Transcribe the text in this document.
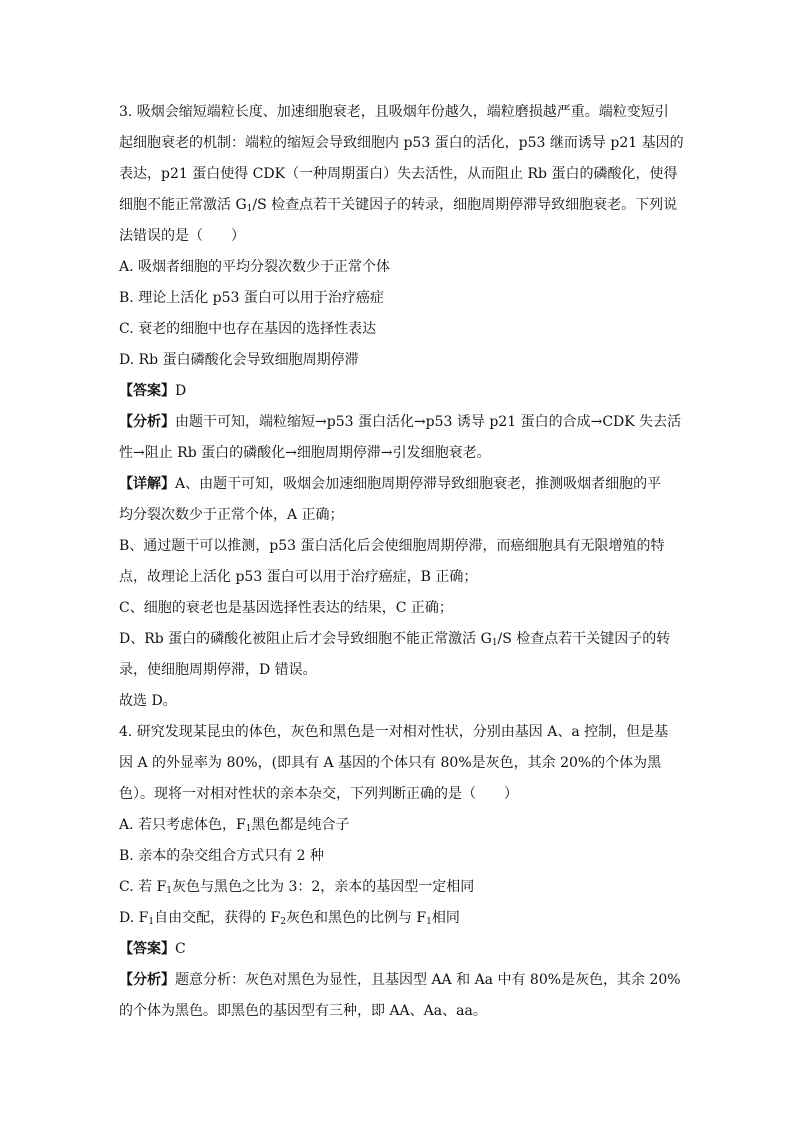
3. 吸烟会缩短端粒长度、加速细胞衰老，且吸烟年份越久，端粒磨损越严重。端粒变短引
起细胞衰老的机制：端粒的缩短会导致细胞内 p53 蛋白的活化，p53 继而诱导 p21 基因的
表达，p21 蛋白使得 CDK（一种周期蛋白）失去活性，从而阻止 Rb 蛋白的磷酸化，使得
细胞不能正常激活 $G_1/S$ 检查点若干关键因子的转录，细胞周期停滞导致细胞衰老。下列说
法错误的是（　　）
A. 吸烟者细胞的平均分裂次数少于正常个体
B. 理论上活化 p53 蛋白可以用于治疗癌症
C. 衰老的细胞中也存在基因的选择性表达
D. Rb 蛋白磷酸化会导致细胞周期停滞
【答案】D
【分析】由题干可知，端粒缩短→p53 蛋白活化→p53 诱导 p21 蛋白的合成→CDK 失去活
性→阻止 Rb 蛋白的磷酸化→细胞周期停滞→引发细胞衰老。
【详解】A、由题干可知，吸烟会加速细胞周期停滞导致细胞衰老，推测吸烟者细胞的平
均分裂次数少于正常个体，A 正确；
B、通过题干可以推测，p53 蛋白活化后会使细胞周期停滞，而癌细胞具有无限增殖的特
点，故理论上活化 p53 蛋白可以用于治疗癌症，B 正确；
C、细胞的衰老也是基因选择性表达的结果，C 正确；
D、Rb 蛋白的磷酸化被阻止后才会导致细胞不能正常激活 $G_1/S$ 检查点若干关键因子的转
录，使细胞周期停滞，D 错误。
故选 D。
4. 研究发现某昆虫的体色，灰色和黑色是一对相对性状，分别由基因 A、a 控制，但是基
因 A 的外显率为 80%，(即具有 A 基因的个体只有 80%是灰色，其余 20%的个体为黑
色）。现将一对相对性状的亲本杂交，下列判断正确的是（　　）
A. 若只考虑体色，$F_1$黑色都是纯合子
B. 亲本的杂交组合方式只有 2 种
C. 若 $F_1$灰色与黑色之比为 3：2，亲本的基因型一定相同
D. $F_1$自由交配，获得的 $F_2$灰色和黑色的比例与 $F_1$相同
【答案】C
【分析】题意分析：灰色对黑色为显性，且基因型 AA 和 Aa 中有 80%是灰色，其余 20%
的个体为黑色。即黑色的基因型有三种，即 AA、Aa、aa。
